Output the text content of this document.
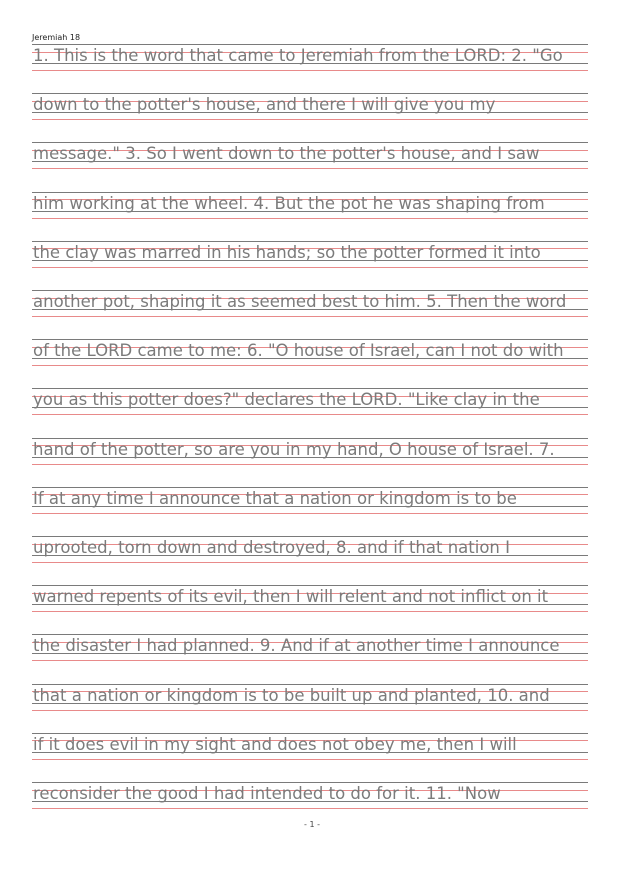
Jeremiah 18
1. This is the word that came to Jeremiah from the LORD: 2. "Go
down to the potter's house, and there I will give you my
message." 3. So I went down to the potter's house, and I saw
him working at the wheel. 4. But the pot he was shaping from
the clay was marred in his hands; so the potter formed it into
another pot, shaping it as seemed best to him. 5. Then the word
of the LORD came to me: 6. "O house of Israel, can I not do with
you as this potter does?" declares the LORD. "Like clay in the
hand of the potter, so are you in my hand, O house of Israel. 7.
If at any time I announce that a nation or kingdom is to be
uprooted, torn down and destroyed, 8. and if that nation I
warned repents of its evil, then I will relent and not inflict on it
the disaster I had planned. 9. And if at another time I announce
that a nation or kingdom is to be built up and planted, 10. and
if it does evil in my sight and does not obey me, then I will
reconsider the good I had intended to do for it. 11. "Now
- 1 -
